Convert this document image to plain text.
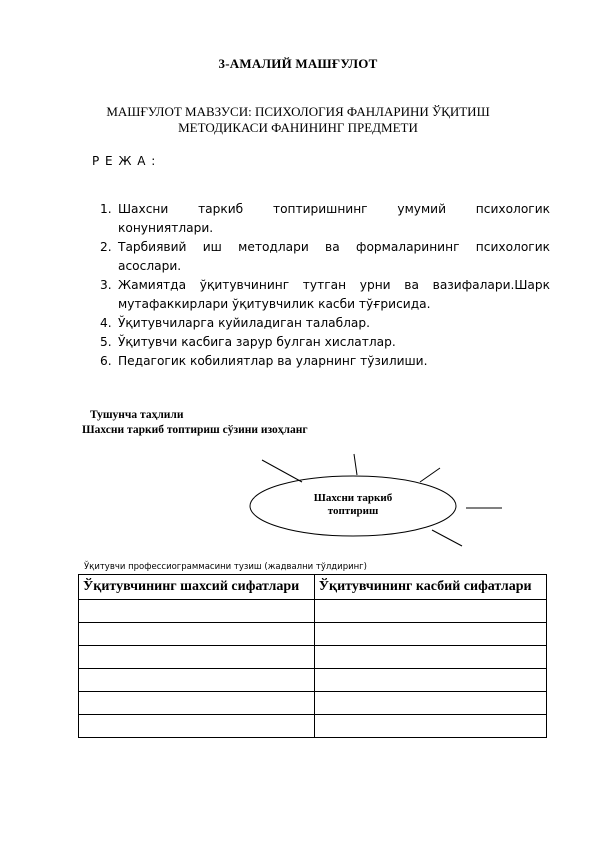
3-АМАЛИЙ МАШҒУЛОТ
МАШҒУЛОТ МАВЗУСИ: ПСИХОЛОГИЯ ФАНЛАРИНИ ЎҚИТИШ
МЕТОДИКАСИ ФАНИНИНГ ПРЕДМЕТИ
Р Е Ж А :
1. Шахсни таркиб топтиришнинг умумий психологик
конуниятлари.
2. Тарбиявий иш методлари ва формаларининг психологик
асослари.
3. Жамиятда ўқитувчининг тутган урни ва вазифалари.Шарк
мутафаккирлари ўқитувчилик касби тўғрисида.
4. Ўқитувчиларга куйиладиган талаблар.
5. Ўқитувчи касбига зарур булган хислатлар.
6. Педагогик кобилиятлар ва уларнинг тўзилиши.
Тушунча таҳлили
Шахсни таркиб топтириш сўзини изоҳланг
Шахсни таркиб
топтириш
Ўқитувчи профессиограммасини тузиш (жадвални тўлдиринг)
Ўқитувчининг шахсий сифатлари	Ўқитувчининг касбий сифатлари
